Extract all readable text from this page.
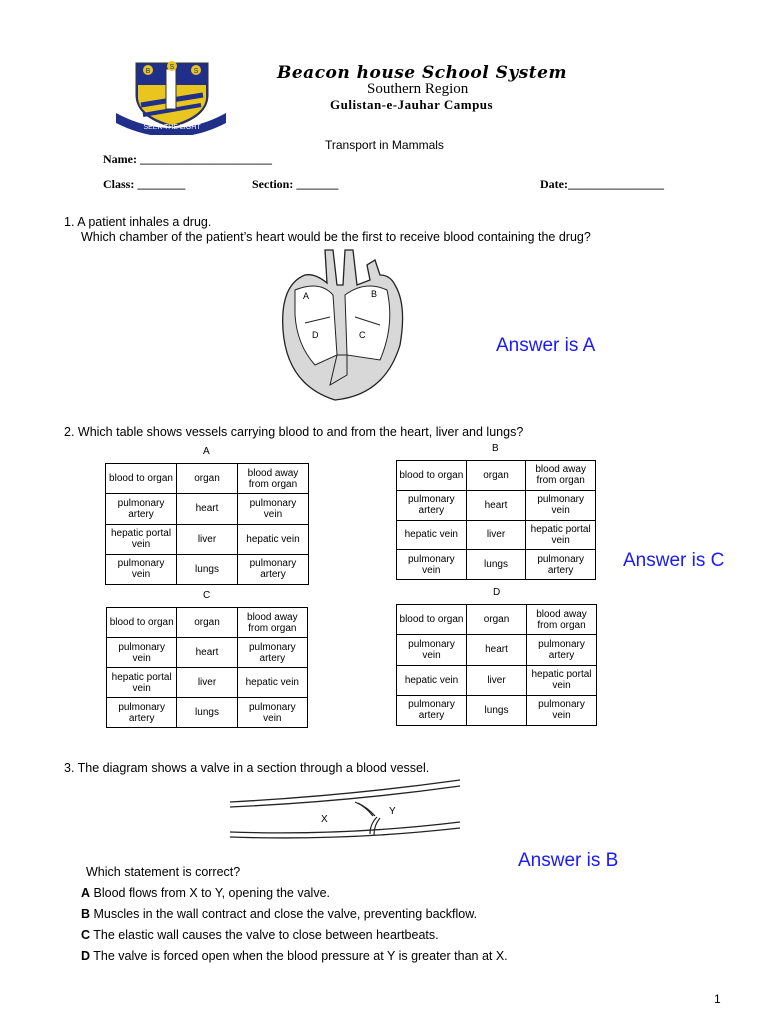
B
S
S
SEEK THE LIGHT
Beacon house School System
Southern Region
Gulistan-e-Jauhar Campus
Transport in Mammals
Name: ______________________
Class: ________	Section: _______	Date:________________
1. A patient inhales a drug.
Which chamber of the patient’s heart would be the first to receive blood containing the drug?
A	B
D	C	Answer is A
2. Which table shows vessels carrying blood to and from the heart, liver and lungs?
A	B
C	D
blood to organ	organ	blood away from organ
pulmonary artery	heart	pulmonary vein
hepatic portal vein	liver	hepatic vein
pulmonary vein	lungs	pulmonary artery
blood to organ	organ	blood away from organ
pulmonary artery	heart	pulmonary vein
hepatic vein	liver	hepatic portal vein
pulmonary vein	lungs	pulmonary artery
blood to organ	organ	blood away from organ
pulmonary vein	heart	pulmonary artery
hepatic portal vein	liver	hepatic vein
pulmonary artery	lungs	pulmonary vein
blood to organ	organ	blood away from organ
pulmonary vein	heart	pulmonary artery
hepatic vein	liver	hepatic portal vein
pulmonary artery	lungs	pulmonary vein
Answer is C
3. The diagram shows a valve in a section through a blood vessel.
X
Y
Answer is B
Which statement is correct?
A Blood flows from X to Y, opening the valve.
B Muscles in the wall contract and close the valve, preventing backflow.
C The elastic wall causes the valve to close between heartbeats.
D The valve is forced open when the blood pressure at Y is greater than at X.
1
